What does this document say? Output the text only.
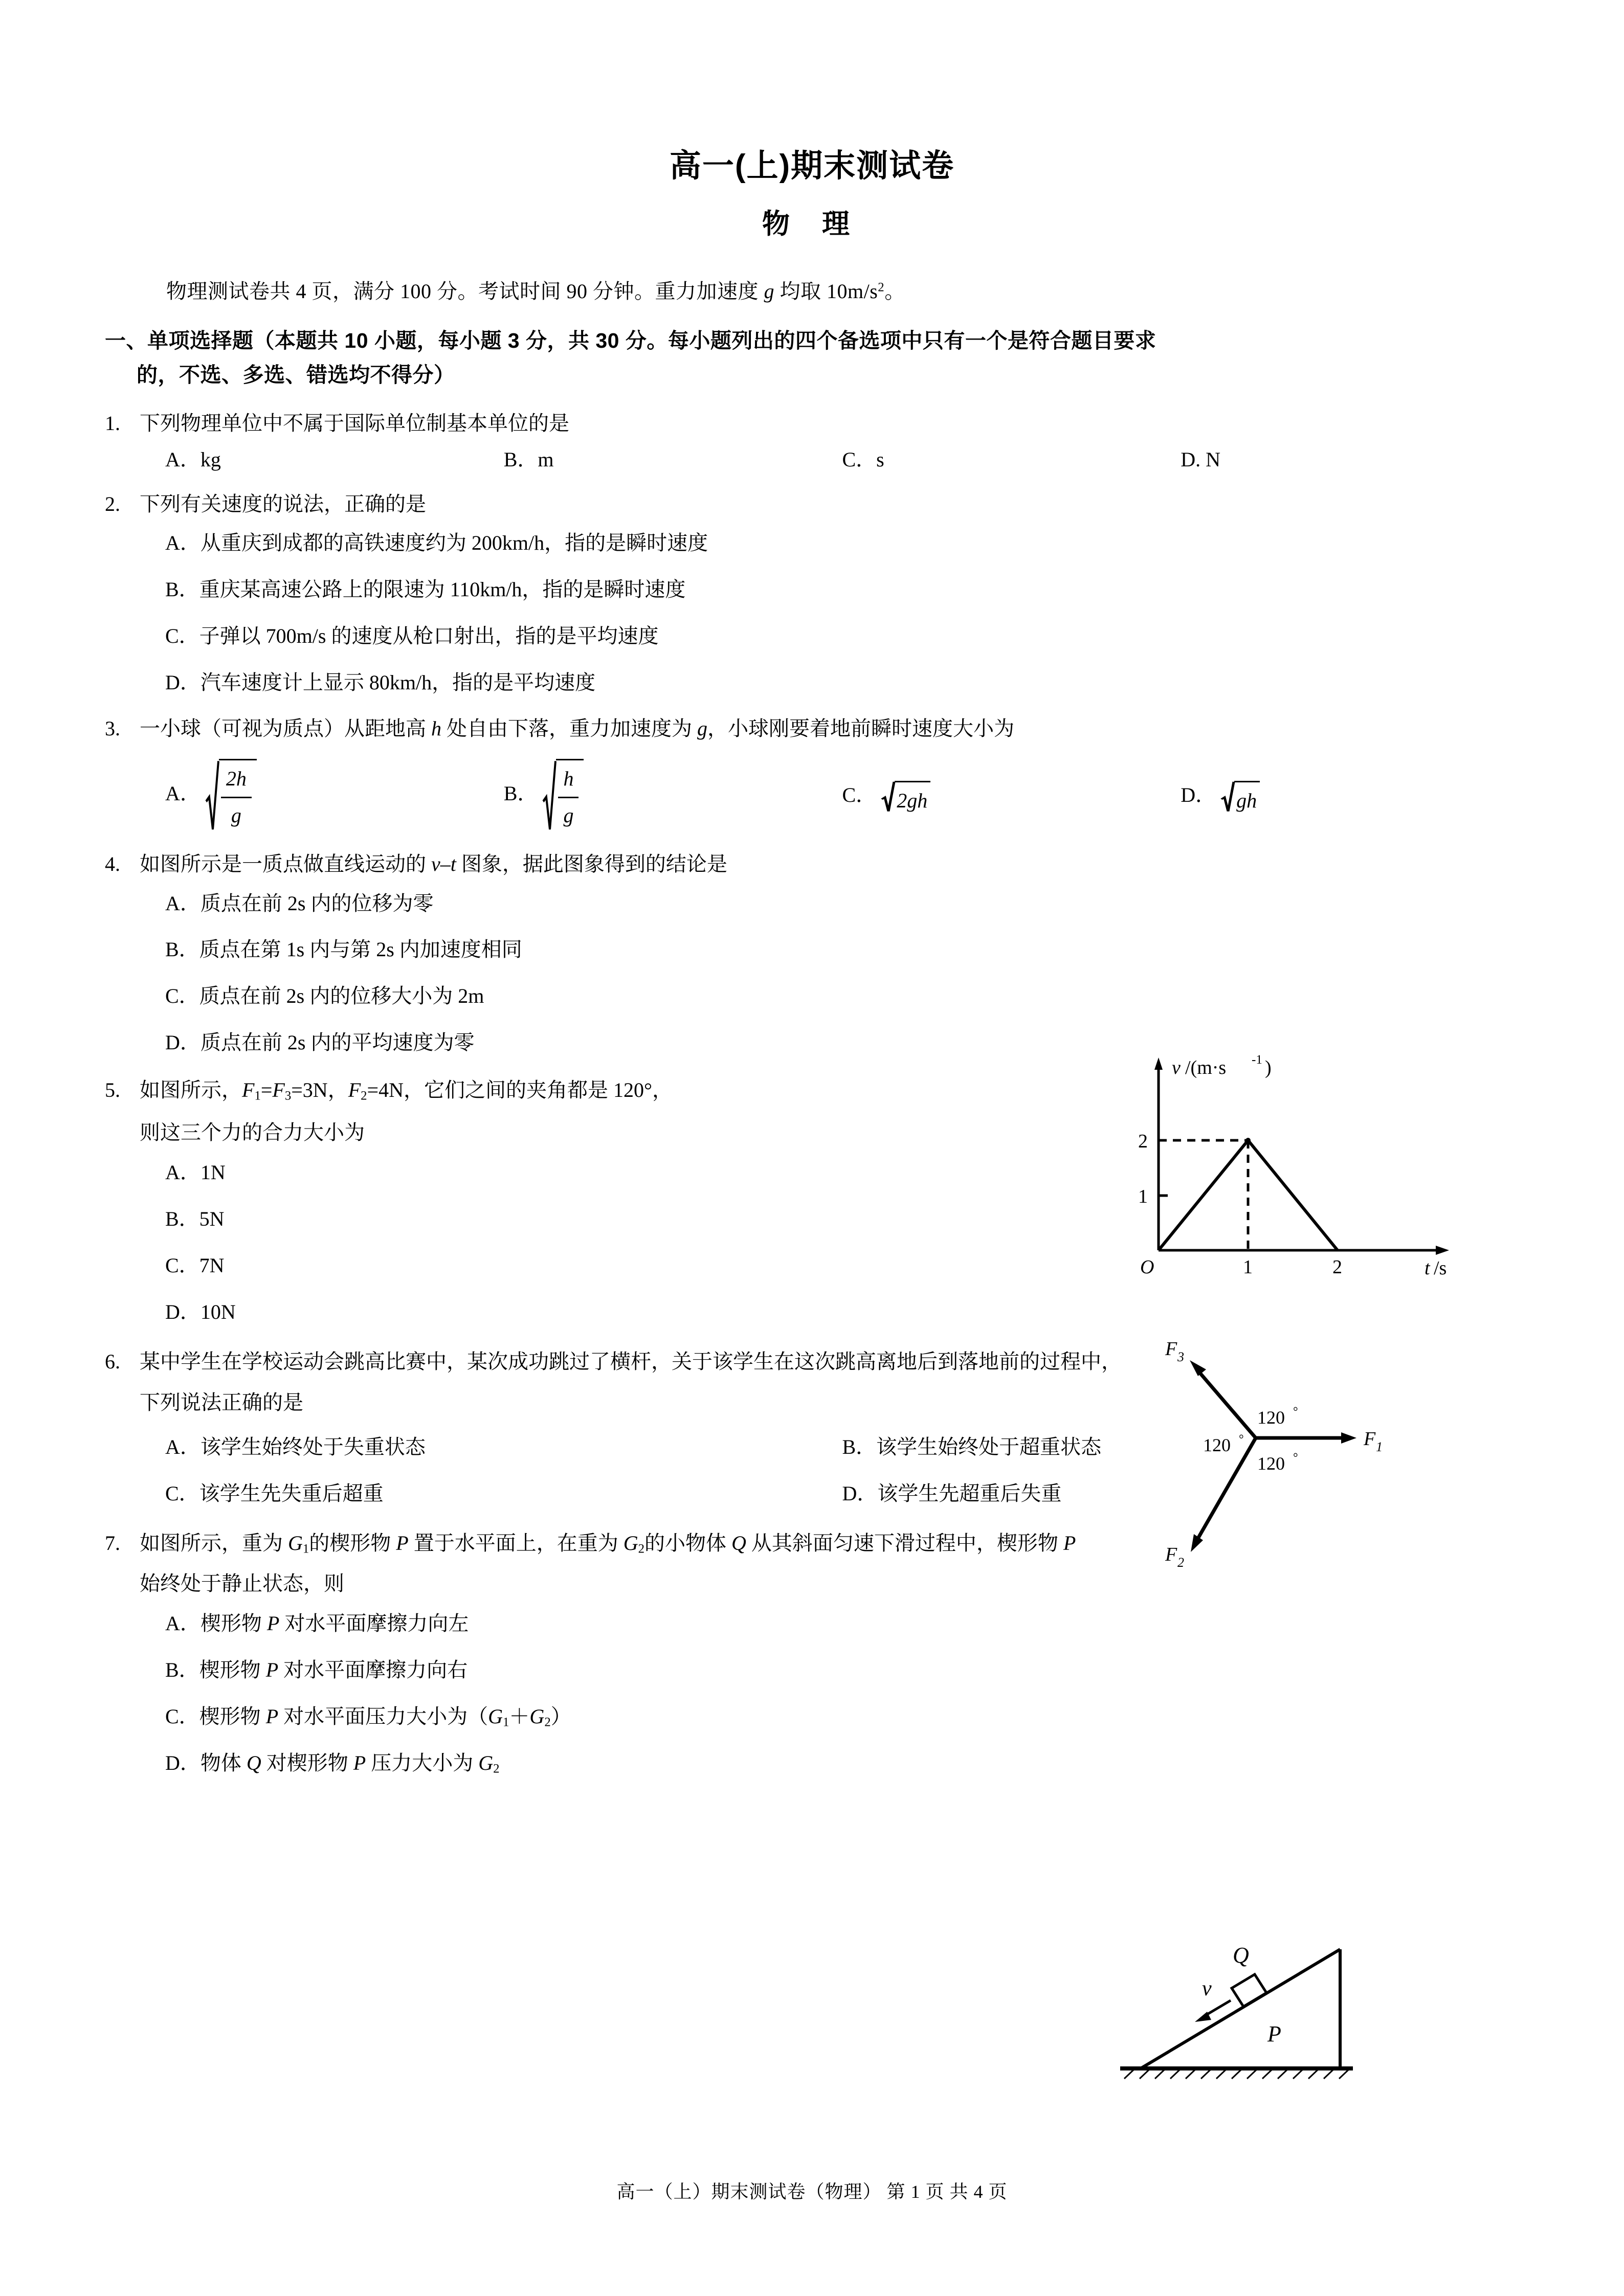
高一(上)期末测试卷
物 理
物理测试卷共 4 页，满分 100 分。考试时间 90 分钟。重力加速度 g 均取 $10m/s^2$。
一、单项选择题（本题共 10 小题，每小题 3 分，共 30 分。每小题列出的四个备选项中只有一个是符合题目要求
的，不选、多选、错选均不得分）
1. 下列物理单位中不属于国际单位制基本单位的是
A．kg	B．m	C．s	D. N
2. 下列有关速度的说法，正确的是
A．从重庆到成都的高铁速度约为 200km/h，指的是瞬时速度
B．重庆某高速公路上的限速为 110km/h，指的是瞬时速度
C．子弹以 700m/s 的速度从枪口射出，指的是平均速度
D．汽车速度计上显示 80km/h，指的是平均速度
3. 一小球（可视为质点）从距地高 h 处自由下落，重力加速度为 g，小球刚要着地前瞬时速度大小为
A． $\frac{2h}{g}$	B． $\frac{h}{g}$	C． 2gh	D． gh
4. 如图所示是一质点做直线运动的 v–t 图象，据此图象得到的结论是
A．质点在前 2s 内的位移为零
B．质点在第 1s 内与第 2s 内加速度相同
C．质点在前 2s 内的位移大小为 2m
D．质点在前 2s 内的平均速度为零
5. 如图所示，$F_1=F_3=3N$，$F_2=4N$，它们之间的夹角都是 120°，
则这三个力的合力大小为
A．1N
B．5N
C．7N
D．10N
6. 某中学生在学校运动会跳高比赛中，某次成功跳过了横杆，关于该学生在这次跳高离地后到落地前的过程中，
下列说法正确的是
A．该学生始终处于失重状态	B．该学生始终处于超重状态
C．该学生先失重后超重	D．该学生先超重后失重
7. 如图所示，重为 $G_1$的楔形物 P 置于水平面上，在重为 $G_2$的小物体 Q 从其斜面匀速下滑过程中，楔形物 P
始终处于静止状态，则
A．楔形物 P 对水平面摩擦力向左
B．楔形物 P 对水平面摩擦力向右
C．楔形物 P 对水平面压力大小为$(G_1+G_2)$
D．物体 Q 对楔形物 P 压力大小为 $G_2$
v /(m·s -1 )
2
1
O	1	2	t /s
F 1
F 3
F 2
120 °
120 °
120 °
Q
v
P
高一（上）期末测试卷（物理） 第 1 页 共 4 页
